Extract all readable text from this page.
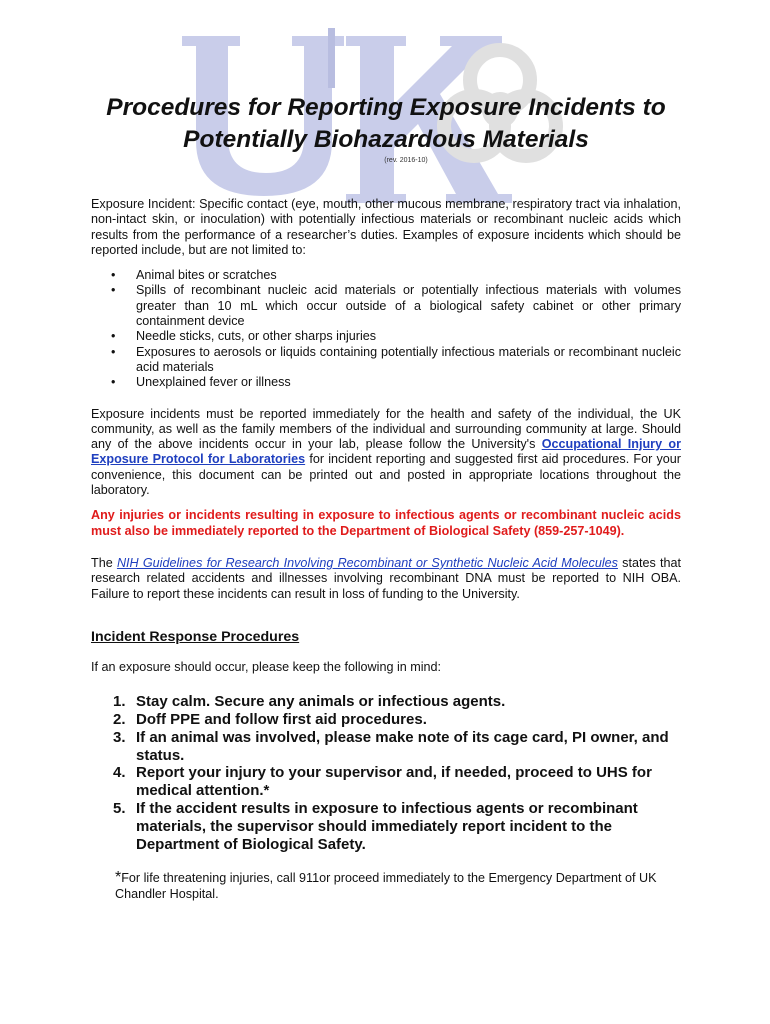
Procedures for Reporting Exposure Incidents to
Potentially Biohazardous Materials
(rev. 2016-10)

Exposure Incident: Specific contact (eye, mouth, other mucous membrane, respiratory tract via inhalation, non-intact skin, or inoculation) with potentially infectious materials or recombinant nucleic acids which results from the performance of a researcher’s duties. Examples of exposure incidents which should be reported include, but are not limited to:

• Animal bites or scratches
• Spills of recombinant nucleic acid materials or potentially infectious materials with volumes greater than 10 mL which occur outside of a biological safety cabinet or other primary containment device
• Needle sticks, cuts, or other sharps injuries
• Exposures to aerosols or liquids containing potentially infectious materials or recombinant nucleic acid materials
• Unexplained fever or illness

Exposure incidents must be reported immediately for the health and safety of the individual, the UK community, as well as the family members of the individual and surrounding community at large. Should any of the above incidents occur in your lab, please follow the University's Occupational Injury or Exposure Protocol for Laboratories for incident reporting and suggested first aid procedures. For your convenience, this document can be printed out and posted in appropriate locations throughout the laboratory.

Any injuries or incidents resulting in exposure to infectious agents or recombinant nucleic acids must also be immediately reported to the Department of Biological Safety (859-257-1049).

The NIH Guidelines for Research Involving Recombinant or Synthetic Nucleic Acid Molecules states that research related accidents and illnesses involving recombinant DNA must be reported to NIH OBA. Failure to report these incidents can result in loss of funding to the University.

Incident Response Procedures

If an exposure should occur, please keep the following in mind:

1. Stay calm. Secure any animals or infectious agents.
2. Doff PPE and follow first aid procedures.
3. If an animal was involved, please make note of its cage card, PI owner, and status.
4. Report your injury to your supervisor and, if needed, proceed to UHS for medical attention.*
5. If the accident results in exposure to infectious agents or recombinant materials, the supervisor should immediately report incident to the Department of Biological Safety.

*For life threatening injuries, call 911or proceed immediately to the Emergency Department of UK Chandler Hospital.
